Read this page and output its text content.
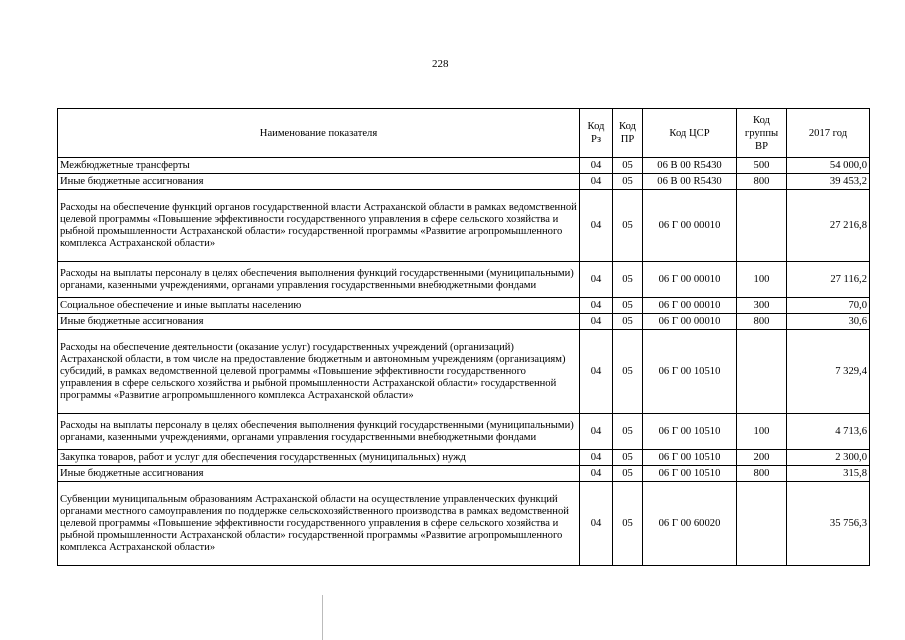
228
Наименование показателя	Код Рз	Код ПР	Код ЦСР	Код группы ВР	2017 год
Межбюджетные трансферты	04	05	06 В 00 R5430	500	54 000,0
Иные бюджетные ассигнования	04	05	06 В 00 R5430	800	39 453,2
Расходы на обеспечение функций органов государственной власти Астраханской области в рамках ведомственной целевой программы «Повышение эффективности государственного управления в сфере сельского хозяйства и рыбной промышленности Астраханской области» государственной программы «Развитие агропромышленного комплекса Астраханской области»	04	05	06 Г 00 00010		27 216,8
Расходы на выплаты персоналу в целях обеспечения выполнения функций государственными (муниципальными) органами, казенными учреждениями, органами управления государственными внебюджетными фондами	04	05	06 Г 00 00010	100	27 116,2
Социальное обеспечение и иные выплаты населению	04	05	06 Г 00 00010	300	70,0
Иные бюджетные ассигнования	04	05	06 Г 00 00010	800	30,6
Расходы на обеспечение деятельности (оказание услуг) государственных учреждений (организаций) Астраханской области, в том числе на предоставление бюджетным и автономным учреждениям (организациям) субсидий, в рамках ведомственной целевой программы «Повышение эффективности государственного управления в сфере сельского хозяйства и рыбной промышленности Астраханской области» государственной программы «Развитие агропромышленного комплекса Астраханской области»	04	05	06 Г 00 10510		7 329,4
Расходы на выплаты персоналу в целях обеспечения выполнения функций государственными (муниципальными) органами, казенными учреждениями, органами управления государственными внебюджетными фондами	04	05	06 Г 00 10510	100	4 713,6
Закупка товаров, работ и услуг для обеспечения государственных (муниципальных) нужд	04	05	06 Г 00 10510	200	2 300,0
Иные бюджетные ассигнования	04	05	06 Г 00 10510	800	315,8
Субвенции муниципальным образованиям Астраханской области на осуществление управленческих функций органами местного самоуправления по поддержке сельскохозяйственного производства в рамках ведомственной целевой программы «Повышение эффективности государственного управления в сфере сельского хозяйства и рыбной промышленности Астраханской области» государственной программы «Развитие агропромышленного комплекса Астраханской области»	04	05	06 Г 00 60020		35 756,3
